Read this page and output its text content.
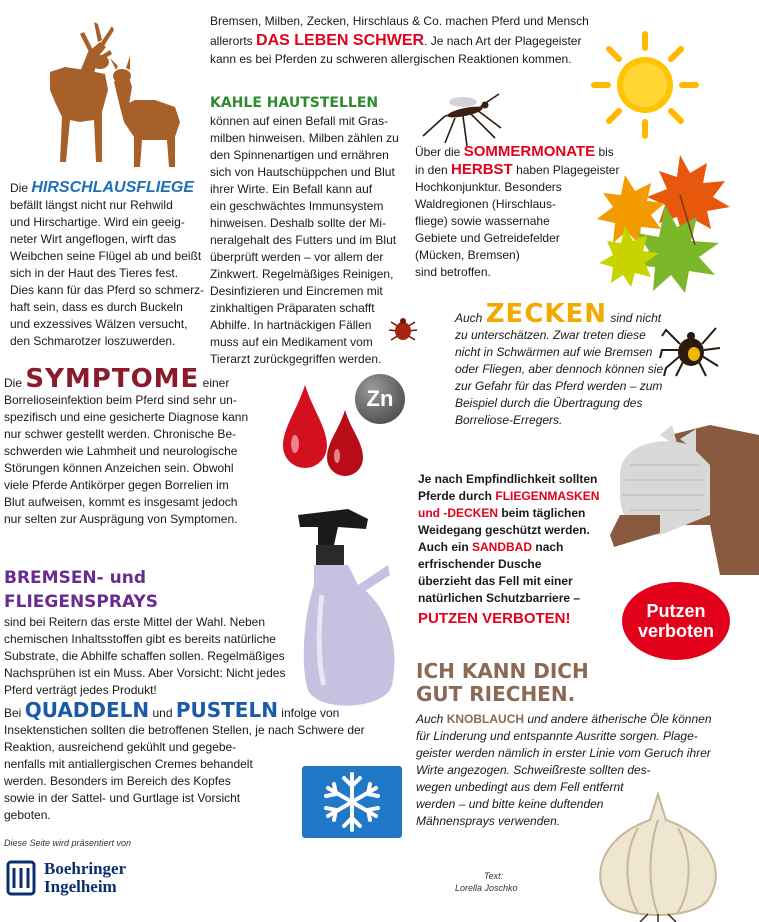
Bremsen, Milben, Zecken, Hirschlaus & Co. machen Pferd und Mensch

allerorts DAS LEBEN SCHWER. Je nach Art der Plagegeister

kann es bei Pferden zu schweren allergischen Reaktionen kommen.

Die HIRSCHLAUSFLIEGE

befällt längst nicht nur Rehwild

und Hirschartige. Wird ein geeig-

neter Wirt angeflogen, wirft das

Weibchen seine Flügel ab und beißt

sich in der Haut des Tieres fest.

Dies kann für das Pferd so schmerz-

haft sein, dass es durch Buckeln

und exzessives Wälzen versucht,

den Schmarotzer loszuwerden.

KAHLE HAUTSTELLEN

können auf einen Befall mit Gras-

milben hinweisen. Milben zählen zu

den Spinnenartigen und ernähren

sich von Hautschüppchen und Blut

ihrer Wirte. Ein Befall kann auf

ein geschwächtes Immunsystem

hinweisen. Deshalb sollte der Mi-

neralgehalt des Futters und im Blut

überprüft werden – vor allem der

Zinkwert. Regelmäßiges Reinigen,

Desinfizieren und Eincremen mit

zinkhaltigen Präparaten schafft

Abhilfe. In hartnäckigen Fällen

muss auf ein Medikament vom

Tierarzt zurückgegriffen werden.

Über die SOMMERMONATE bis

in den HERBST haben Plagegeister

Hochkonjunktur. Besonders

Waldregionen (Hirschlaus-

fliege) sowie wassernahe

Gebiete und Getreidefelder

(Mücken, Bremsen)

sind betroffen.

Auch ZECKEN sind nicht

zu unterschätzen. Zwar treten diese

nicht in Schwärmen auf wie Bremsen

oder Fliegen, aber dennoch können sie

zur Gefahr für das Pferd werden – zum

Beispiel durch die Übertragung des

Borreliose-Erregers.

Die SYMPTOME einer

Borrelioseinfektion beim Pferd sind sehr un-

spezifisch und eine gesicherte Diagnose kann

nur schwer gestellt werden. Chronische Be-

schwerden wie Lahmheit und neurologische

Störungen können Anzeichen sein. Obwohl

viele Pferde Antikörper gegen Borrelien im

Blut aufweisen, kommt es insgesamt jedoch

nur selten zur Ausprägung von Symptomen.

Zn

Je nach Empfindlichkeit sollten

Pferde durch FLIEGENMASKEN

und -DECKEN beim täglichen

Weidegang geschützt werden.

Auch ein SANDBAD nach

erfrischender Dusche

überzieht das Fell mit einer

natürlichen Schutzbarriere –

PUTZEN VERBOTEN!	Putzen
verboten

BREMSEN- und FLIEGENSPRAYS

sind bei Reitern das erste Mittel der Wahl. Neben

chemischen Inhaltsstoffen gibt es bereits natürliche

Substrate, die Abhilfe schaffen sollen. Regelmäßiges

Nachsprühen ist ein Muss. Aber Vorsicht: Nicht jedes

Pferd verträgt jedes Produkt!

ICH KANN DICH

GUT RIECHEN.

Auch KNOBLAUCH und andere ätherische Öle können

für Linderung und entspannte Ausritte sorgen. Plage-

geister werden nämlich in erster Linie vom Geruch ihrer

Wirte angezogen. Schweißreste sollten des-

wegen unbedingt aus dem Fell entfernt

werden – und bitte keine duftenden

Mähnensprays verwenden.

Bei QUADDELN und PUSTELN infolge von

Insektenstichen sollten die betroffenen Stellen, je nach Schwere der

Reaktion, ausreichend gekühlt und gegebe-

nenfalls mit antiallergischen Cremes behandelt

werden. Besonders im Bereich des Kopfes

sowie in der Sattel- und Gurtlage ist Vorsicht

geboten.

Diese Seite wird präsentiert von
Boehringer
Ingelheim
Text:
Lorella Joschko
